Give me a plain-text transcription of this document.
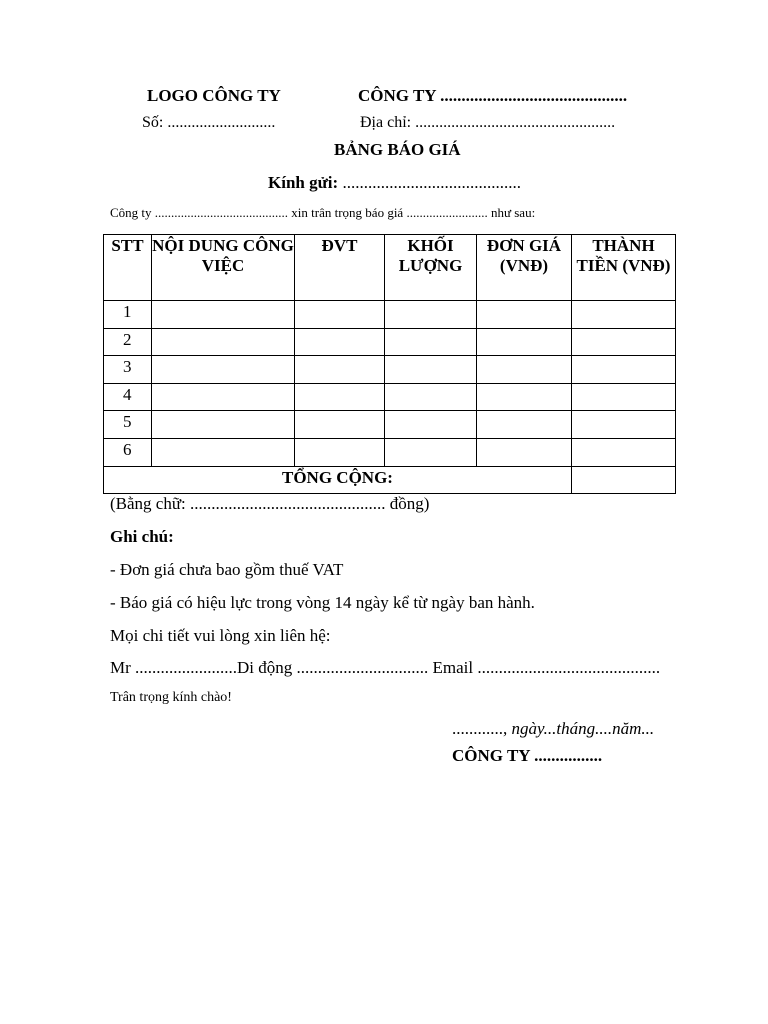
LOGO CÔNG TY	CÔNG TY ............................................
Số: ...........................	Địa chỉ: ..................................................
BẢNG BÁO GIÁ
Kính gửi: ..........................................
Công ty ......................................... xin trân trọng báo giá ......................... như sau:
STT	NỘI DUNG CÔNG VIỆC	ĐVT	KHỐI LƯỢNG	ĐƠN GIÁ (VNĐ)	THÀNH TIỀN (VNĐ)
1					
2					
3					
4					
5					
6					
TỔNG CỘNG:					
(Bằng chữ: .............................................. đồng)
Ghi chú:
- Đơn giá chưa bao gồm thuế VAT
- Báo giá có hiệu lực trong vòng 14 ngày kể từ ngày ban hành.
Mọi chi tiết vui lòng xin liên hệ:
Mr ........................Di động ............................... Email ...........................................
Trân trọng kính chào!
............, ngày...tháng....năm...
CÔNG TY ................
